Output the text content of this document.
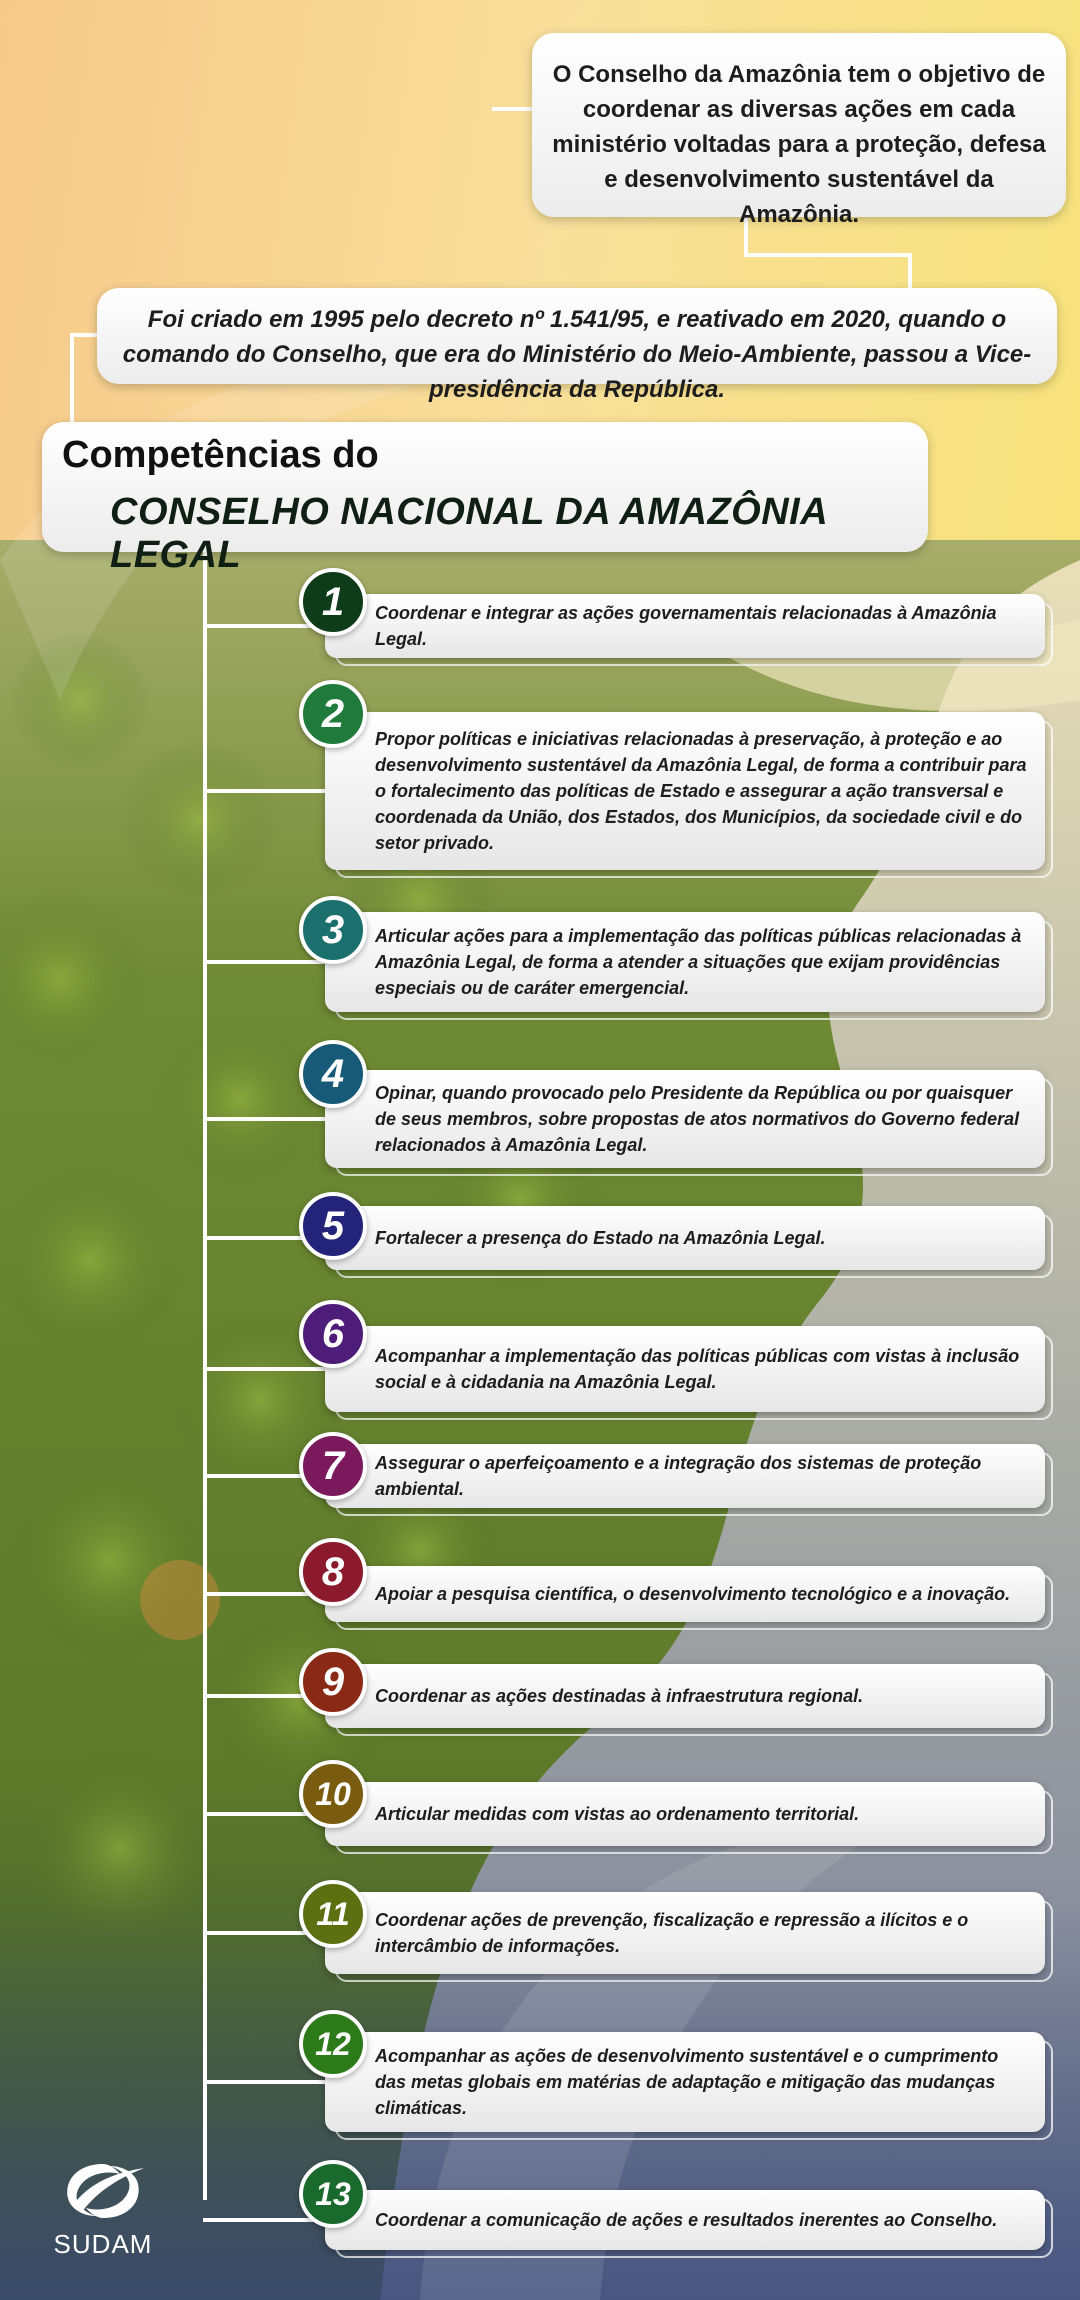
O Conselho da Amazônia tem o objetivo de coordenar as diversas ações em cada ministério voltadas para a proteção, defesa e desenvolvimento sustentável da Amazônia.
Foi criado em 1995 pelo decreto nº 1.541/95, e reativado em 2020, quando o comando do Conselho, que era do Ministério do Meio-Ambiente, passou a Vice-presidência da República.
Competências do
CONSELHO NACIONAL DA AMAZÔNIA LEGAL
Coordenar e integrar as ações governamentais relacionadas à Amazônia Legal.
1
Propor políticas e iniciativas relacionadas à preservação, à proteção e ao desenvolvimento sustentável da Amazônia Legal, de forma a contribuir para o fortalecimento das políticas de Estado e assegurar a ação transversal e coordenada da União, dos Estados, dos Municípios, da sociedade civil e do setor privado.
2
Articular ações para a implementação das políticas públicas relacionadas à Amazônia Legal, de forma a atender a situações que exijam providências especiais ou de caráter emergencial.
3
Opinar, quando provocado pelo Presidente da República ou por quaisquer de seus membros, sobre propostas de atos normativos do Governo federal relacionados à Amazônia Legal.
4
Fortalecer a presença do Estado na Amazônia Legal.
5
Acompanhar a implementação das políticas públicas com vistas à inclusão social e à cidadania na Amazônia Legal.
6
Assegurar o aperfeiçoamento e a integração dos sistemas de proteção ambiental.
7
Apoiar a pesquisa científica, o desenvolvimento tecnológico e a inovação.
8
Coordenar as ações destinadas à infraestrutura regional.
9
Articular medidas com vistas ao ordenamento territorial.
10
Coordenar ações de prevenção, fiscalização e repressão a ilícitos e o intercâmbio de informações.
11
Acompanhar as ações de desenvolvimento sustentável e o cumprimento das metas globais em matérias de adaptação e mitigação das mudanças climáticas.
12
Coordenar a comunicação de ações e resultados inerentes ao Conselho.
13
SUDAM
